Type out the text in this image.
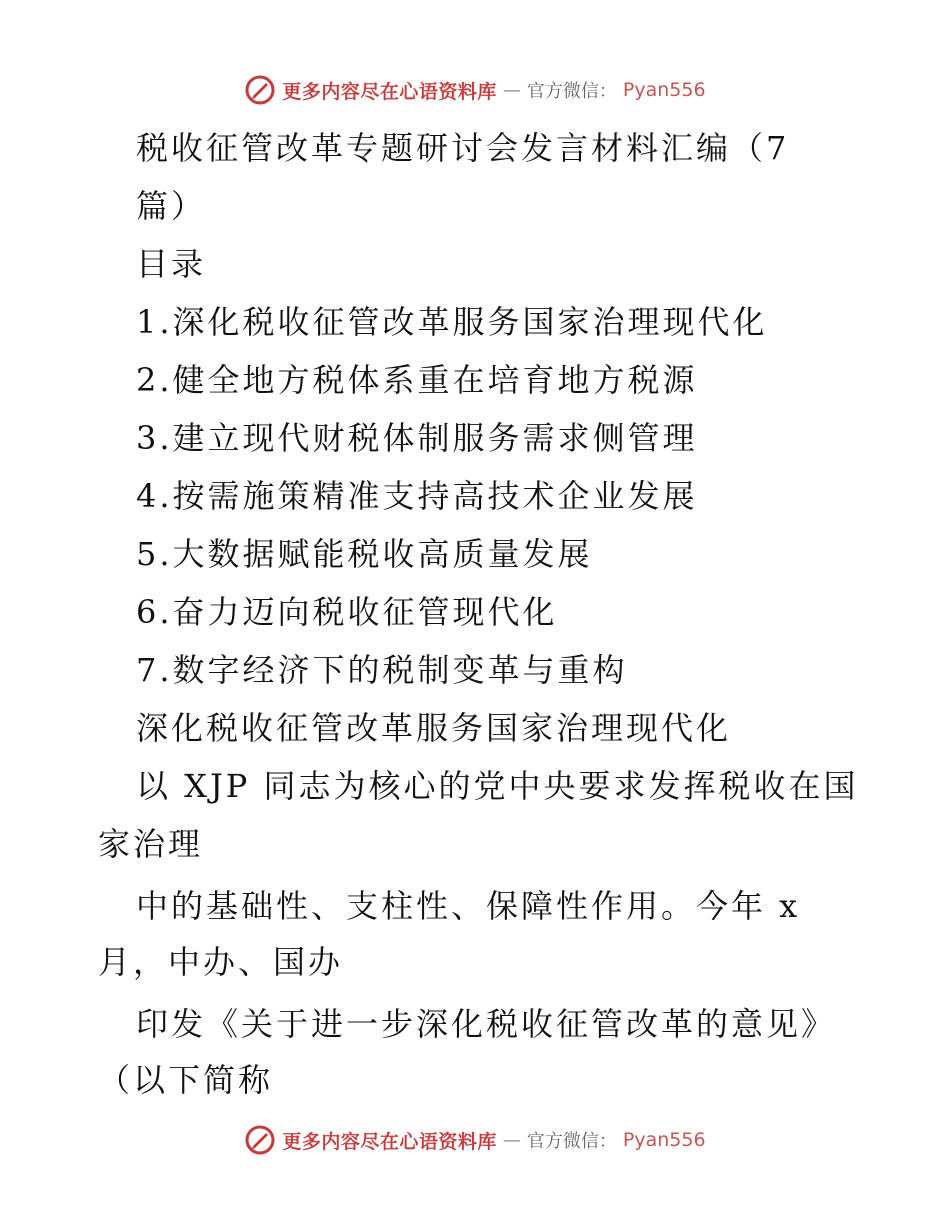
更多内容尽在心语资料库 — 官方微信： Pyan556
税收征管改革专题研讨会发言材料汇编（7
篇）
目录
1.深化税收征管改革服务国家治理现代化
2.健全地方税体系重在培育地方税源
3.建立现代财税体制服务需求侧管理
4.按需施策精准支持高技术企业发展
5.大数据赋能税收高质量发展
6.奋力迈向税收征管现代化
7.数字经济下的税制变革与重构
深化税收征管改革服务国家治理现代化
以 XJP 同志为核心的党中央要求发挥税收在国
家治理
中的基础性、支柱性、保障性作用。今年 x
月，中办、国办
印发《关于进一步深化税收征管改革的意见》
（以下简称
更多内容尽在心语资料库 — 官方微信： Pyan556
